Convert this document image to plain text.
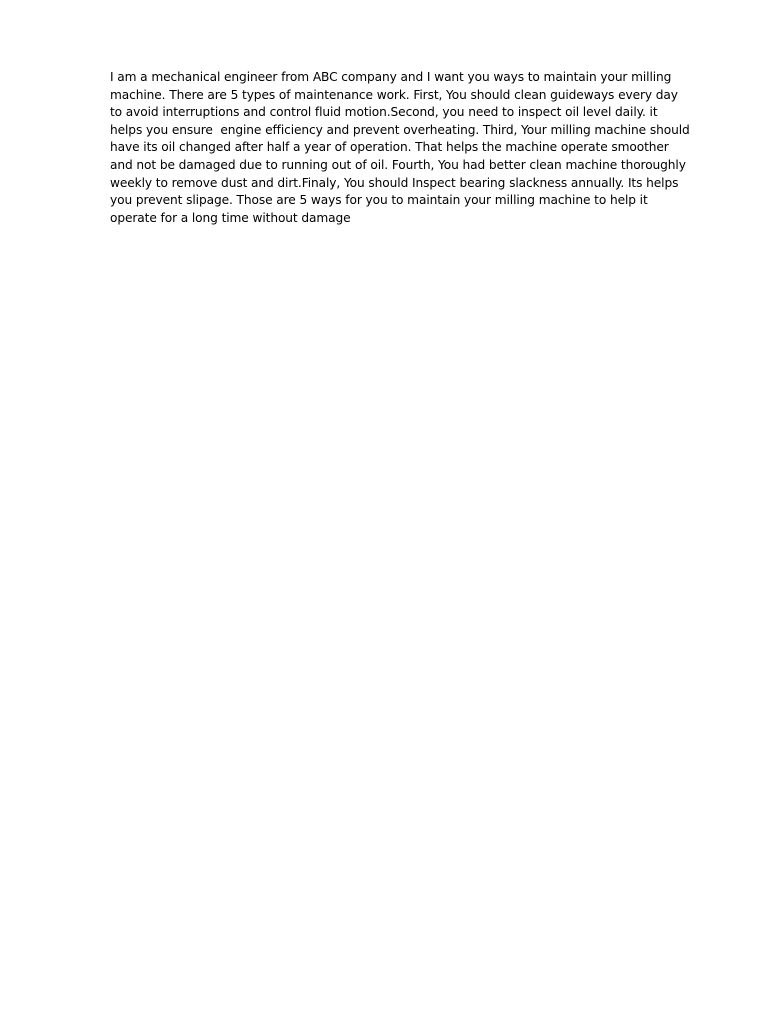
I am a mechanical engineer from ABC company and I want you ways to maintain your milling machine. There are 5 types of maintenance work. First, You should clean guideways every day to avoid interruptions and control fluid motion.Second, you need to inspect oil level daily. it helps you ensure  engine efficiency and prevent overheating. Third, Your milling machine should have its oil changed after half a year of operation. That helps the machine operate smoother and not be damaged due to running out of oil. Fourth, You had better clean machine thoroughly weekly to remove dust and dirt.Finaly, You should Inspect bearing slackness annually. Its helps you prevent slipage. Those are 5 ways for you to maintain your milling machine to help it operate for a long time without damage
